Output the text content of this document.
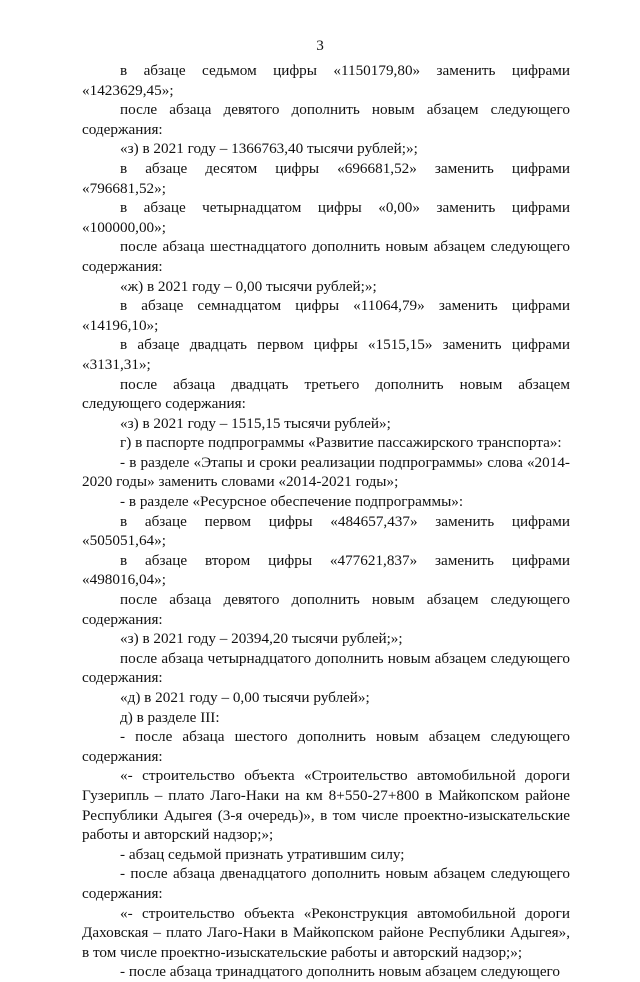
3

в абзаце седьмом цифры «1150179,80» заменить цифрами «1423629,45»;

после абзаца девятого дополнить новым абзацем следующего содержания:

«з) в 2021 году – 1366763,40 тысячи рублей;»;

в абзаце десятом цифры «696681,52» заменить цифрами «796681,52»;

в абзаце четырнадцатом цифры «0,00» заменить цифрами «100000,00»;

после абзаца шестнадцатого дополнить новым абзацем следующего содержания:

«ж) в 2021 году – 0,00 тысячи рублей;»;

в абзаце семнадцатом цифры «11064,79» заменить цифрами «14196,10»;

в абзаце двадцать первом цифры «1515,15» заменить цифрами «3131,31»;

после абзаца двадцать третьего дополнить новым абзацем следующего содержания:

«з) в 2021 году – 1515,15 тысячи рублей»;

г) в паспорте подпрограммы «Развитие пассажирского транспорта»:

- в разделе «Этапы и сроки реализации подпрограммы» слова «2014-2020 годы» заменить словами «2014-2021 годы»;

- в разделе «Ресурсное обеспечение подпрограммы»:

в абзаце первом цифры «484657,437» заменить цифрами «505051,64»;

в абзаце втором цифры «477621,837» заменить цифрами «498016,04»;

после абзаца девятого дополнить новым абзацем следующего содержания:

«з) в 2021 году – 20394,20 тысячи рублей;»;

после абзаца четырнадцатого дополнить новым абзацем следующего содержания:

«д) в 2021 году – 0,00 тысячи рублей»;

д) в разделе III:

- после абзаца шестого дополнить новым абзацем следующего содержания:

«- строительство объекта «Строительство автомобильной дороги Гузерипль – плато Лаго-Наки на км 8+550-27+800 в Майкопском районе Республики Адыгея (3-я очередь)», в том числе проектно-изыскательские работы и авторский надзор;»;

- абзац седьмой признать утратившим силу;

- после абзаца двенадцатого дополнить новым абзацем следующего содержания:

«- строительство объекта «Реконструкция автомобильной дороги Даховская – плато Лаго-Наки в Майкопском районе Республики Адыгея», в том числе проектно-изыскательские работы и авторский надзор;»;

- после абзаца тринадцатого дополнить новым абзацем следующего
